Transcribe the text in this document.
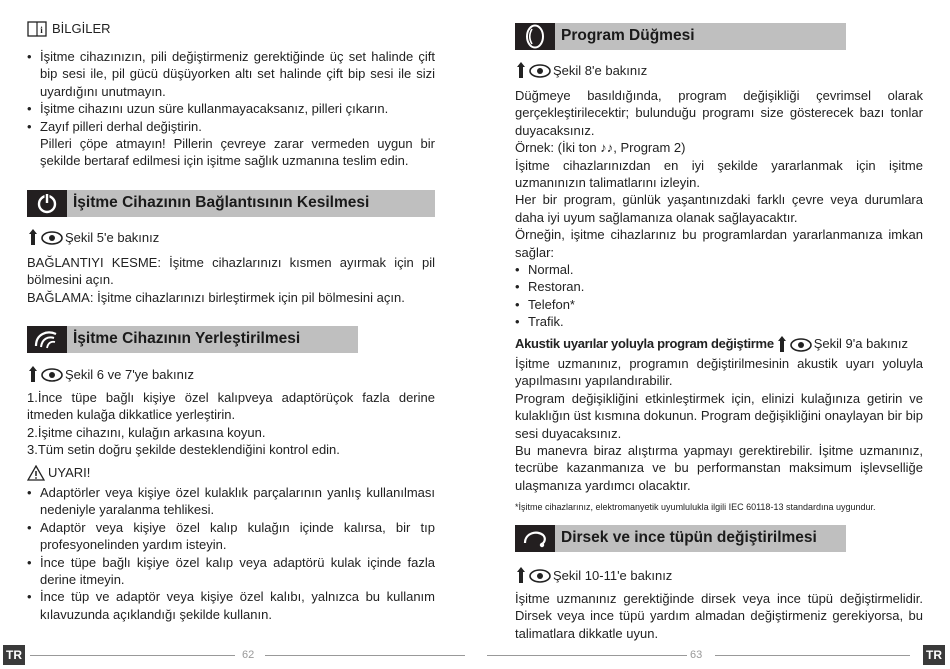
i BİLGİLER
• İşitme cihazınızın, pili değiştirmeniz gerektiğinde üç set halinde çift bip sesi ile, pil gücü düşüyorken altı set halinde çift bip sesi ile sizi uyardığını unutmayın.
• İşitme cihazını uzun süre kullanmayacaksanız, pilleri çıkarın.
• Zayıf pilleri derhal değiştirin.
Pilleri çöpe atmayın! Pillerin çevreye zarar vermeden uygun bir şekilde bertaraf edilmesi için işitme sağlık uzmanına teslim edin.
İşitme Cihazının Bağlantısının Kesilmesi
Şekil 5'e bakınız
BAĞLANTIYI KESME: İşitme cihazlarınızı kısmen ayırmak için pil bölmesini açın.
BAĞLAMA: İşitme cihazlarınızı birleştirmek için pil bölmesini açın.
İşitme Cihazının Yerleştirilmesi
Şekil 6 ve 7'ye bakınız
1.İnce tüpe bağlı kişiye özel kalıpveya adaptörüçok fazla derine itmeden kulağa dikkatlice yerleştirin.
2.İşitme cihazını, kulağın arkasına koyun.
3.Tüm setin doğru şekilde desteklendiğini kontrol edin.
UYARI!
• Adaptörler veya kişiye özel kulaklık parçalarının yanlış kullanılması nedeniyle yaralanma tehlikesi.
• Adaptör veya kişiye özel kalıp kulağın içinde kalırsa, bir tıp profesyonelinden yardım isteyin.
• İnce tüpe bağlı kişiye özel kalıp veya adaptörü kulak içinde fazla derine itmeyin.
• İnce tüp ve adaptör veya kişiye özel kalıbı, yalnızca bu kullanım kılavuzunda açıklandığı şekilde kullanın.
TR	62
Program Düğmesi
Şekil 8'e bakınız
Düğmeye basıldığında, program değişikliği çevrimsel olarak gerçekleştirilecektir; bulunduğu programı size gösterecek bazı tonlar duyacaksınız.
Örnek: (İki ton ♪♪, Program 2)
İşitme cihazlarınızdan en iyi şekilde yararlanmak için işitme uzmanınızın talimatlarını izleyin.
Her bir program, günlük yaşantınızdaki farklı çevre veya durumlara daha iyi uyum sağlamanıza olanak sağlayacaktır.
Örneğin, işitme cihazlarınız bu programlardan yararlanmanıza imkan sağlar:
• Normal.
• Restoran.
• Telefon*
• Trafik.
Akustik uyarılar yoluyla program değiştirme	Şekil 9'a bakınız
İşitme uzmanınız, programın değiştirilmesinin akustik uyarı yoluyla yapılmasını yapılandırabilir.
Program değişikliğini etkinleştirmek için, elinizi kulağınıza getirin ve kulaklığın üst kısmına dokunun. Program değişikliğini onaylayan bir bip sesi duyacaksınız.
Bu manevra biraz alıştırma yapmayı gerektirebilir. İşitme uzmanınız, tecrübe kazanmanıza ve bu performanstan maksimum işlevselliğe ulaşmanıza yardımcı olacaktır.
*İşitme cihazlarınız, elektromanyetik uyumlulukla ilgili IEC 60118-13 standardına uygundur.
Dirsek ve ince tüpün değiştirilmesi
Şekil 10-11'e bakınız
İşitme uzmanınız gerektiğinde dirsek veya ince tüpü değiştirmelidir. Dirsek veya ince tüpü yardım almadan değiştirmeniz gerekiyorsa, bu talimatlara dikkatle uyun.
63	TR
